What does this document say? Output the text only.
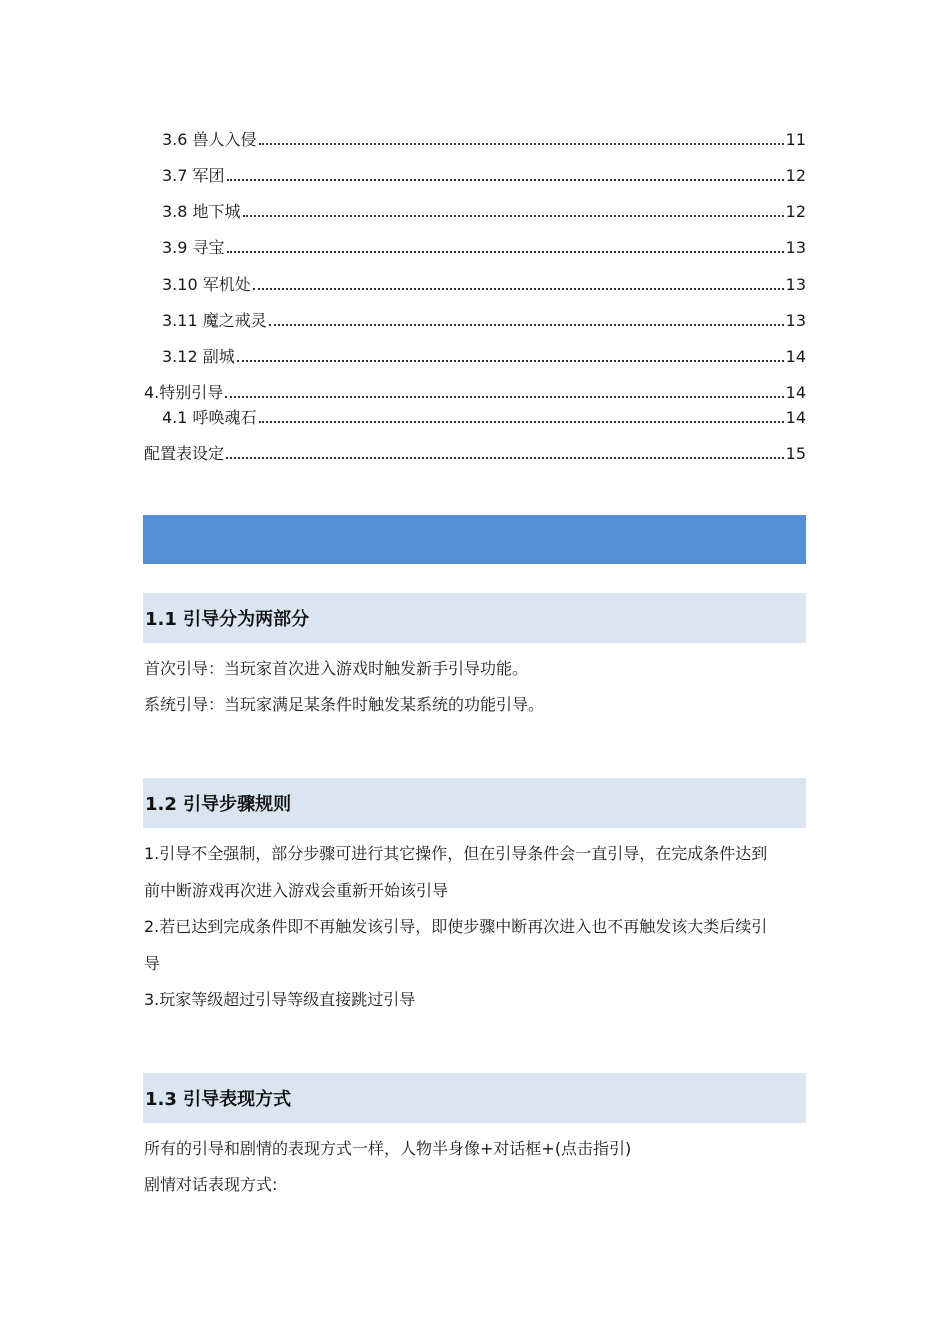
3.6 兽人入侵	11
3.7 军团	12
3.8 地下城	12
3.9 寻宝	13
3.10 军机处	13
3.11 魔之戒灵	13
3.12 副城	14
4.特别引导	14
4.1 呼唤魂石	14
配置表设定	15
1.1 引导分为两部分
首次引导：当玩家首次进入游戏时触发新手引导功能。
系统引导：当玩家满足某条件时触发某系统的功能引导。
1.2 引导步骤规则
1.引导不全强制，部分步骤可进行其它操作，但在引导条件会一直引导，在完成条件达到
前中断游戏再次进入游戏会重新开始该引导
2.若已达到完成条件即不再触发该引导，即使步骤中断再次进入也不再触发该大类后续引
导
3.玩家等级超过引导等级直接跳过引导
1.3 引导表现方式
所有的引导和剧情的表现方式一样，人物半身像+对话框+(点击指引)
剧情对话表现方式:
